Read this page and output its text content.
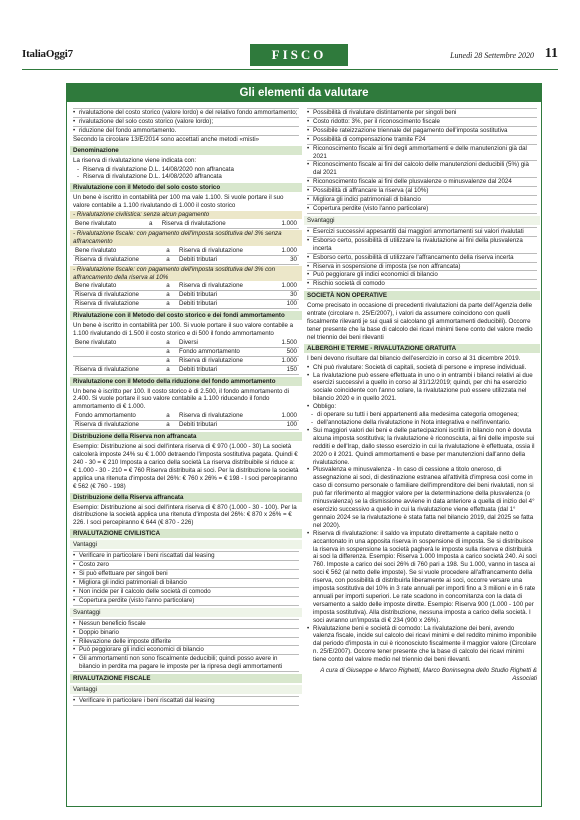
ItaliaOggi7	FISCO	Lunedì 28 Settembre 2020 11
Gli elementi da valutare
• rivalutazione del costo storico (valore lordo) e del relativo fondo ammortamento;
• rivalutazione del solo costo storico (valore lordo);
• riduzione del fondo ammortamento.

Secondo la circolare 13/E/2014 sono accettati anche metodi «misti»

Denominazione

La riserva di rivalutazione viene indicata con:

- Riserva di rivalutazione D.L. 14/08/2020 non affrancata
- Riserva di rivalutazione D.L. 14/08/2020 affrancata
Rivalutazione con il Metodo del solo costo storico

Un bene è iscritto in contabilità per 100 ma vale 1.100. Si vuole portare il suo valore contabile a 1.100 rivalutando di 1.000 il costo storico

- Rivalutazione civilistica: senza alcun pagamento
Bene rivalutato	a	Riserva di rivalutazione	1.000
- Rivalutazione fiscale: con pagamento dell'imposta sostitutiva del 3% senza affrancamento
Bene rivalutato	a	Riserva di rivalutazione	1.000
Riserva di rivalutazione	a	Debiti tributari	30
- Rivalutazione fiscale: con pagamento dell'imposta sostitutiva del 3% con affrancamento della riserva al 10%
Bene rivalutato	a	Riserva di rivalutazione	1.000
Riserva di rivalutazione	a	Debiti tributari	30
Riserva di rivalutazione	a	Debiti tributari	100
Rivalutazione con il Metodo del costo storico e dei fondi ammortamento

Un bene è iscritto in contabilità per 100. Si vuole portare il suo valore contabile a 1.100 rivalutando di 1.500 il costo storico e di 500 il fondo ammortamento

Bene rivalutato	a	Diversi	1.500
	a	Fondo ammortamento	500
	a	Riserva di rivalutazione	1.000
Riserva di rivalutazione	a	Debiti tributari	150
Rivalutazione con il Metodo della riduzione del fondo ammortamento

Un bene è iscritto per 100. Il costo storico è di 2.500, il fondo ammortamento di 2.400. Si vuole portare il suo valore contabile a 1.100 riducendo il fondo ammortamento di € 1.000.

Fondo ammortamento	a	Riserva di rivalutazione	1.000
Riserva di rivalutazione	a	Debiti tributari	100
Distribuzione della Riserva non affrancata

Esempio: Distribuzione ai soci dell'intera riserva di € 970 (1.000 - 30) La società calcolerà imposte 24% su € 1.000 detraendo l'imposta sostitutiva pagata. Quindi € 240 - 30 = € 210 Imposta a carico della società La riserva distribuibile si riduce a: € 1.000 - 30 - 210 = € 760 Riserva distribuita ai soci. Per la distribuzione la società applica una ritenuta d'imposta del 26%: € 760 x 26% = € 198 - I soci percepiranno € 562 (€ 760 - 198)

Distribuzione della Riserva affrancata

Esempio: Distribuzione ai soci dell'intera riserva di € 870 (1.000 - 30 - 100). Per la distribuzione la società applica una ritenuta d'imposta del 26%: € 870 x 26% = € 226. I soci percepiranno € 644 (€ 870 - 226)

RIVALUTAZIONE CIVILISTICA
Vantaggi
• Verificare in particolare i beni riscattati dal leasing
• Costo zero
• Si può effettuare per singoli beni
• Migliora gli indici patrimoniali di bilancio
• Non incide per il calcolo delle società di comodo
• Copertura perdite (visto l'anno particolare)
Svantaggi
• Nessun beneficio fiscale
• Doppio binario
• Rilevazione delle imposte differite
• Può peggiorare gli indici economici di bilancio
• Gli ammortamenti non sono fiscalmente deducibili; quindi posso avere in bilancio in perdita ma pagare le imposte per la ripresa degli ammortamenti
RIVALUTAZIONE FISCALE
Vantaggi
• Verificare in particolare i beni riscattati dal leasing
• Possibilità di rivalutare distintamente per singoli beni
• Costo ridotto: 3%, per il riconoscimento fiscale
• Possibile rateizzazione triennale del pagamento dell'imposta sostitutiva
• Possibilità di compensazione tramite F24
• Riconoscimento fiscale ai fini degli ammortamenti e delle manutenzioni già dal 2021
• Riconoscimento fiscale ai fini del calcolo delle manutenzioni deducibili (5%) già dal 2021
• Riconoscimento fiscale ai fini delle plusvalenze o minusvalenze dal 2024
• Possibilità di affrancare la riserva (al 10%)
• Migliora gli indici patrimoniali di bilancio
• Copertura perdite (visto l'anno particolare)
Svantaggi
• Esercizi successivi appesantiti dai maggiori ammortamenti sui valori rivalutati
• Esborso certo, possibilità di utilizzare la rivalutazione ai fini della plusvalenza incerta
• Esborso certo, possibilità di utilizzare l'affrancamento della riserva incerta
• Riserva in sospensione di imposta (se non affrancata)
• Può peggiorare gli indici economici di bilancio
• Rischio società di comodo
SOCIETÀ NON OPERATIVE

Come precisato in occasione di precedenti rivalutazioni da parte dell'Agenzia delle entrate (circolare n. 25/E/2007), i valori da assumere coincidono con quelli fiscalmente rilevanti je sui quali si calcolano gli ammortamenti deducibili). Occorre tener presente che la base di calcolo dei ricavi minimi tiene conto del valore medio nel triennio dei beni rilevanti

ALBERGHI E TERME - RIVALUTAZIONE GRATUITA

I beni devono risultare dal bilancio dell'esercizio in corso al 31 dicembre 2019.

• Chi può rivalutare: Società di capitali, società di persone e imprese individuali.
• La rivalutazione può essere effettuata in uno o in entrambi i bilanci relativi ai due esercizi successivi a quello in corso al 31/12/2019; quindi, per chi ha esercizio sociale coincidente con l'anno solare, la rivalutazione può essere utilizzata nel bilancio 2020 e in quello 2021.
• Obbligo:
- di operare su tutti i beni appartenenti alla medesima categoria omogenea;
- dell'annotazione della rivalutazione in Nota integrativa e nell'inventario.
• Sui maggiori valori dei beni e delle partecipazioni iscritti in bilancio non è dovuta alcuna imposta sostitutiva; la rivalutazione è riconosciuta, ai fini delle imposte sui redditi e dell'Irap, dallo stesso esercizio in cui la rivalutazione è effettuata, ossia il 2020 o il 2021. Quindi ammortamenti e base per manutenzioni dall'anno della rivalutazione.
• Plusvalenza e minusvalenza - In caso di cessione a titolo oneroso, di assegnazione ai soci, di destinazione estranea all'attività d'impresa così come in caso di consumo personale o familiare dell'imprenditore dei beni rivalutati, non si può far riferimento al maggior valore per la determinazione della plusvalenza (o minusvalenza) se la dismissione avviene in data anteriore a quella di inizio del 4° esercizio successivo a quello in cui la rivalutazione viene effettuata (dal 1° gennaio 2024 se la rivalutazione è stata fatta nel bilancio 2019, dal 2025 se fatta nel 2020).
• Riserva di rivalutazione: il saldo va imputato direttamente a capitale netto o accantonato in una apposita riserva in sospensione di imposta. Se si distribuisce la riserva in sospensione la società pagherà le imposte sulla riserva e distribuirà ai soci la differenza. Esempio: Riserva 1.000 Imposta a carico società 240. Ai soci 760. Imposte a carico dei soci 26% di 760 pari a 198. Su 1.000, vanno in tasca ai soci € 562 (al netto delle imposte). Se si vuole procedere all'affrancamento della riserva, con possibilità di distribuirla liberamente ai soci, occorre versare una imposta sostitutiva del 10% in 3 rate annuali per importi fino a 3 milioni e in 6 rate annuali per importi superiori. Le rate scadono in concomitanza con la data di versamento a saldo delle imposte dirette. Esempio: Riserva 900 (1.000 - 100 per imposta sostitutiva). Alla distribuzione, nessuna imposta a carico della società. I soci avranno un'imposta di € 234 (900 x 26%).
• Rivalutazione beni e società di comodo: La rivalutazione dei beni, avendo valenza fiscale, incide sul calcolo dei ricavi minimi e del reddito minimo imponibile dal periodo d'imposta in cui è riconosciuto fiscalmente il maggior valore (Circolare n. 25/E/2007). Occorre tener presente che la base di calcolo dei ricavi minimi tiene conto del valore medio nel triennio dei beni rilevanti.
A cura di Giuseppe e Marco Righetti, Marco Boninsegna dello Studio Righetti & Associati
